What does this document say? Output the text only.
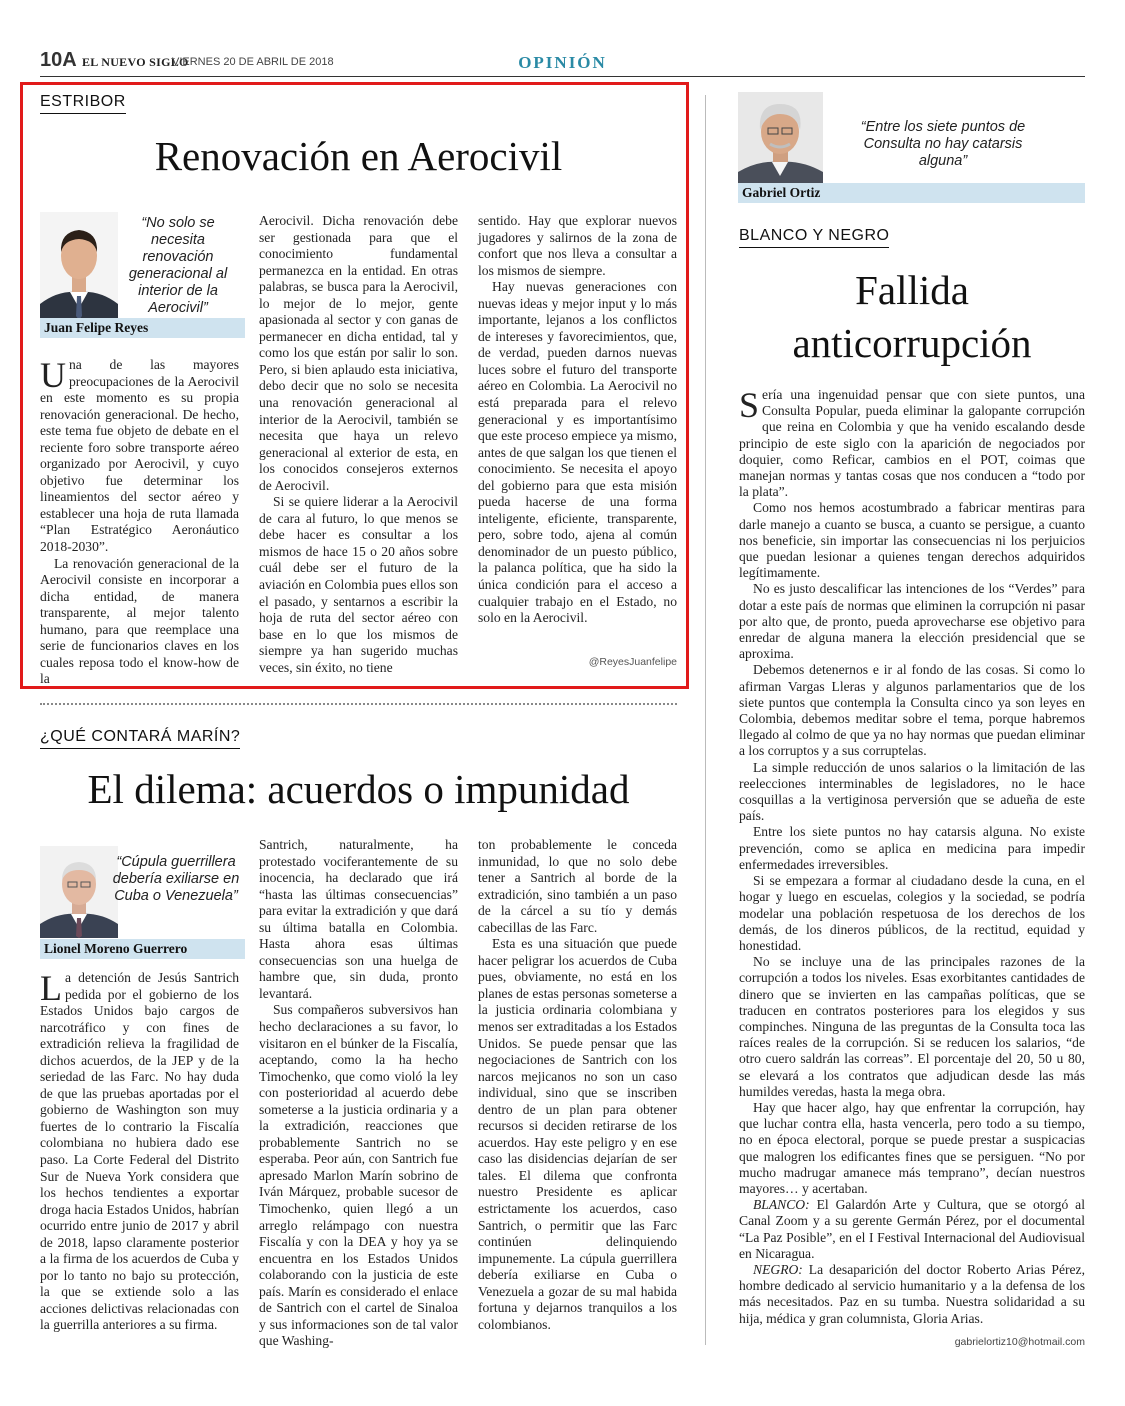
10A EL NUEVO SIGLO
VIERNES 20 DE ABRIL DE 2018	OPINIÓN
ESTRIBOR
Renovación en Aerocivil
“No solo se necesita renovación generacional al interior de la Aerocivil”
Juan Felipe Reyes

Una de las mayores preocupaciones de la Aerocivil en este momento es su propia renovación generacional. De hecho, este tema fue objeto de debate en el reciente foro sobre transporte aéreo organizado por Aerocivil, y cuyo objetivo fue determinar los lineamientos del sector aéreo y establecer una hoja de ruta llamada “Plan Estratégico Aeronáutico 2018-2030”.

La renovación generacional de la Aerocivil consiste en incorporar a dicha entidad, de manera transparente, al mejor talento humano, para que reemplace una serie de funcionarios claves en los cuales reposa todo el know-how de la

Aerocivil. Dicha renovación debe ser gestionada para que el conocimiento fundamental permanezca en la entidad. En otras palabras, se busca para la Aerocivil, lo mejor de lo mejor, gente apasionada al sector y con ganas de permanecer en dicha entidad, tal y como los que están por salir lo son. Pero, si bien aplaudo esta iniciativa, debo decir que no solo se necesita una renovación generacional al interior de la Aerocivil, también se necesita que haya un relevo generacional al exterior de esta, en los conocidos consejeros externos de Aerocivil.

Si se quiere liderar a la Aerocivil de cara al futuro, lo que menos se debe hacer es consultar a los mismos de hace 15 o 20 años sobre cuál debe ser el futuro de la aviación en Colombia pues ellos son el pasado, y sentarnos a escribir la hoja de ruta del sector aéreo con base en lo que los mismos de siempre ya han sugerido muchas veces, sin éxito, no tiene

sentido. Hay que explorar nuevos jugadores y salirnos de la zona de confort que nos lleva a consultar a los mismos de siempre.

Hay nuevas generaciones con nuevas ideas y mejor input y lo más importante, lejanos a los conflictos de intereses y favorecimientos, que, de verdad, pueden darnos nuevas luces sobre el futuro del transporte aéreo en Colombia. La Aerocivil no está preparada para el relevo generacional y es importantísimo que este proceso empiece ya mismo, antes de que salgan los que tienen el conocimiento. Se necesita el apoyo del gobierno para que esta misión pueda hacerse de una forma inteligente, eficiente, transparente, pero, sobre todo, ajena al común denominador de un puesto público, la palanca política, que ha sido la única condición para el acceso a cualquier trabajo en el Estado, no solo en la Aerocivil.

@ReyesJuanfelipe
¿QUÉ CONTARÁ MARÍN?
El dilema: acuerdos o impunidad
“Cúpula guerrillera debería exiliarse en Cuba o Venezuela”
Lionel Moreno Guerrero

La detención de Jesús Santrich pedida por el gobierno de los Estados Unidos bajo cargos de narcotráfico y con fines de extradición relieva la fragilidad de dichos acuerdos, de la JEP y de la seriedad de las Farc. No hay duda de que las pruebas aportadas por el gobierno de Washington son muy fuertes de lo contrario la Fiscalía colombiana no hubiera dado ese paso. La Corte Federal del Distrito Sur de Nueva York considera que los hechos tendientes a exportar droga hacia Estados Unidos, habrían ocurrido entre junio de 2017 y abril de 2018, lapso claramente posterior a la firma de los acuerdos de Cuba y por lo tanto no bajo su protección, la que se extiende solo a las acciones delictivas relacionadas con la guerrilla anteriores a su firma.

Santrich, naturalmente, ha protestado vociferantemente de su inocencia, ha declarado que irá “hasta las últimas consecuencias” para evitar la extradición y que dará su última batalla en Colombia. Hasta ahora esas últimas consecuencias son una huelga de hambre que, sin duda, pronto levantará.

Sus compañeros subversivos han hecho declaraciones a su favor, lo visitaron en el búnker de la Fiscalía, aceptando, como la ha hecho Timochenko, que como violó la ley con posterioridad al acuerdo debe someterse a la justicia ordinaria y a la extradición, reacciones que probablemente Santrich no se esperaba. Peor aún, con Santrich fue apresado Marlon Marín sobrino de Iván Márquez, probable sucesor de Timochenko, quien llegó a un arreglo relámpago con nuestra Fiscalía y con la DEA y hoy ya se encuentra en los Estados Unidos colaborando con la justicia de este país. Marín es considerado el enlace de Santrich con el cartel de Sinaloa y sus informaciones son de tal valor que Washing-

ton probablemente le conceda inmunidad, lo que no solo debe tener a Santrich al borde de la extradición, sino también a un paso de la cárcel a su tío y demás cabecillas de las Farc.

Esta es una situación que puede hacer peligrar los acuerdos de Cuba pues, obviamente, no está en los planes de estas personas someterse a la justicia ordinaria colombiana y menos ser extraditadas a los Estados Unidos. Se puede pensar que las negociaciones de Santrich con los narcos mejicanos no son un caso individual, sino que se inscriben dentro de un plan para obtener recursos si deciden retirarse de los acuerdos. Hay este peligro y en ese caso las disidencias dejarían de ser tales. El dilema que confronta nuestro Presidente es aplicar estrictamente los acuerdos, caso Santrich, o permitir que las Farc continúen delinquiendo impunemente. La cúpula guerrillera debería exiliarse en Cuba o Venezuela a gozar de su mal habida fortuna y dejarnos tranquilos a los colombianos.

“Entre los siete puntos de Consulta no hay catarsis alguna”
Gabriel Ortiz
BLANCO Y NEGRO
Fallida
anticorrupción

Sería una ingenuidad pensar que con siete puntos, una Consulta Popular, pueda eliminar la galopante corrupción que reina en Colombia y que ha venido escalando desde principio de este siglo con la aparición de negociados por doquier, como Reficar, cambios en el POT, coimas que manejan normas y tantas cosas que nos conducen a “todo por la plata”.

Como nos hemos acostumbrado a fabricar mentiras para darle manejo a cuanto se busca, a cuanto se persigue, a cuanto nos beneficie, sin importar las consecuencias ni los perjuicios que puedan lesionar a quienes tengan derechos adquiridos legítimamente.

No es justo descalificar las intenciones de los “Verdes” para dotar a este país de normas que eliminen la corrupción ni pasar por alto que, de pronto, pueda aprovecharse ese objetivo para enredar de alguna manera la elección presidencial que se aproxima.

Debemos detenernos e ir al fondo de las cosas. Si como lo afirman Vargas Lleras y algunos parlamentarios que de los siete puntos que contempla la Consulta cinco ya son leyes en Colombia, debemos meditar sobre el tema, porque habremos llegado al colmo de que ya no hay normas que puedan eliminar a los corruptos y a sus corruptelas.

La simple reducción de unos salarios o la limitación de las reelecciones interminables de legisladores, no le hace cosquillas a la vertiginosa perversión que se adueña de este país.

Entre los siete puntos no hay catarsis alguna. No existe prevención, como se aplica en medicina para impedir enfermedades irreversibles.

Si se empezara a formar al ciudadano desde la cuna, en el hogar y luego en escuelas, colegios y la sociedad, se podría modelar una población respetuosa de los derechos de los demás, de los dineros públicos, de la rectitud, equidad y honestidad.

No se incluye una de las principales razones de la corrupción a todos los niveles. Esas exorbitantes cantidades de dinero que se invierten en las campañas políticas, que se traducen en contratos posteriores para los elegidos y sus compinches. Ninguna de las preguntas de la Consulta toca las raíces reales de la corrupción. Si se reducen los salarios, “de otro cuero saldrán las correas”. El porcentaje del 20, 50 u 80, se elevará a los contratos que adjudican desde las más humildes veredas, hasta la mega obra.

Hay que hacer algo, hay que enfrentar la corrupción, hay que luchar contra ella, hasta vencerla, pero todo a su tiempo, no en época electoral, porque se puede prestar a suspicacias que malogren los edificantes fines que se persiguen. “No por mucho madrugar amanece más temprano”, decían nuestros mayores… y acertaban.

BLANCO: El Galardón Arte y Cultura, que se otorgó al Canal Zoom y a su gerente Germán Pérez, por el documental “La Paz Posible”, en el I Festival Internacional del Audiovisual en Nicaragua.

NEGRO: La desaparición del doctor Roberto Arias Pérez, hombre dedicado al servicio humanitario y a la defensa de los más necesitados. Paz en su tumba. Nuestra solidaridad a su hija, médica y gran columnista, Gloria Arias.

gabrielortiz10@hotmail.com
